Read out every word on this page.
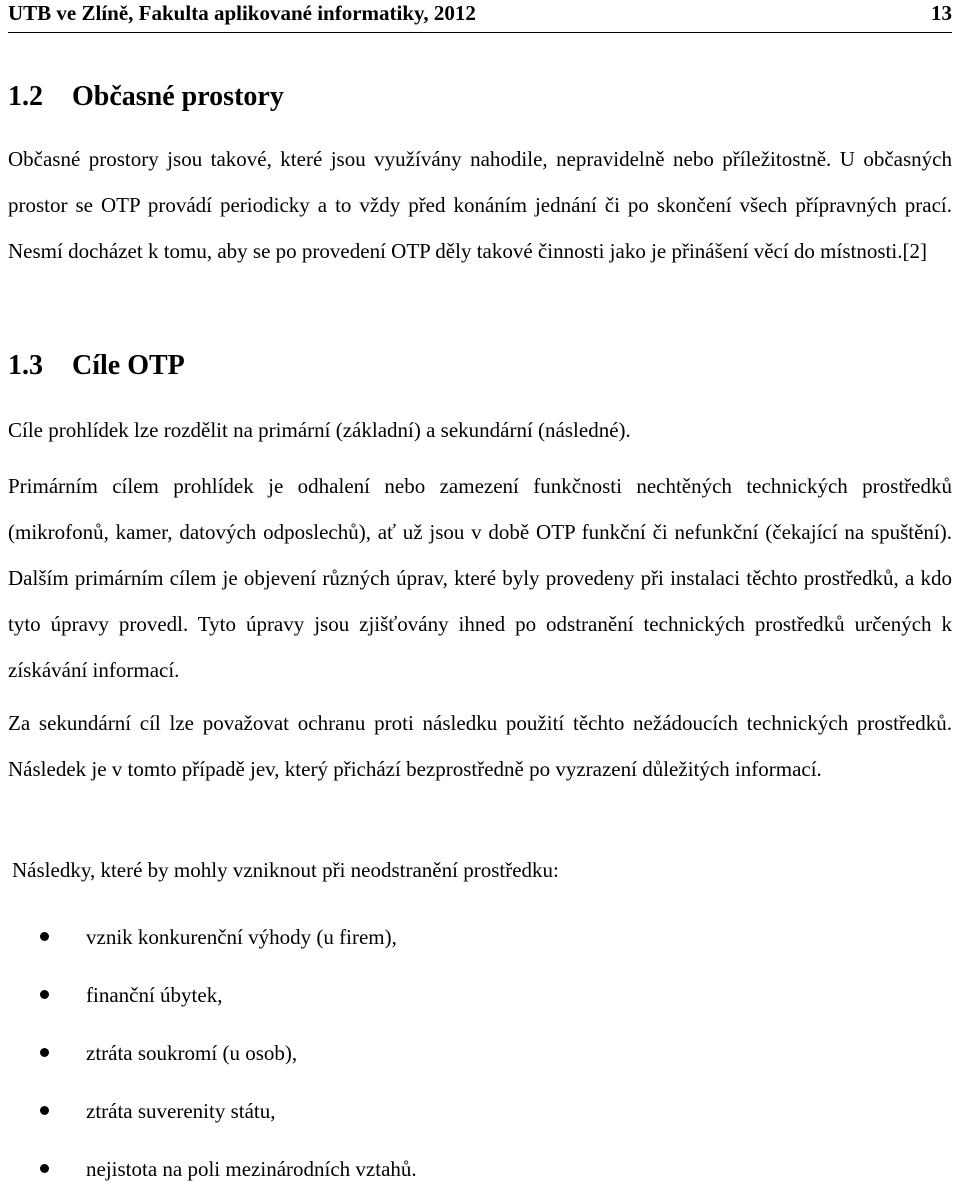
UTB ve Zlíně, Fakulta aplikované informatiky, 2012	13
1.2 Občasné prostory

Občasné prostory jsou takové, které jsou využívány nahodile, nepravidelně nebo příležitostně. U občasných prostor se OTP provádí periodicky a to vždy před konáním jednání či po skončení všech přípravných prací. Nesmí docházet k tomu, aby se po provedení OTP děly takové činnosti jako je přinášení věcí do místnosti.[2]

1.3 Cíle OTP

Cíle prohlídek lze rozdělit na primární (základní) a sekundární (následné).

Primárním cílem prohlídek je odhalení nebo zamezení funkčnosti nechtěných technických prostředků (mikrofonů, kamer, datových odposlechů), ať už jsou v době OTP funkční či nefunkční (čekající na spuštění). Dalším primárním cílem je objevení různých úprav, které byly provedeny při instalaci těchto prostředků, a kdo tyto úpravy provedl. Tyto úpravy jsou zjišťovány ihned po odstranění technických prostředků určených k získávání informací.

Za sekundární cíl lze považovat ochranu proti následku použití těchto nežádoucích technických prostředků. Následek je v tomto případě jev, který přichází bezprostředně po vyzrazení důležitých informací.

Následky, které by mohly vzniknout při neodstranění prostředku:

vznik konkurenční výhody (u firem),
finanční úbytek,
ztráta soukromí (u osob),
ztráta suverenity státu,
nejistota na poli mezinárodních vztahů.
